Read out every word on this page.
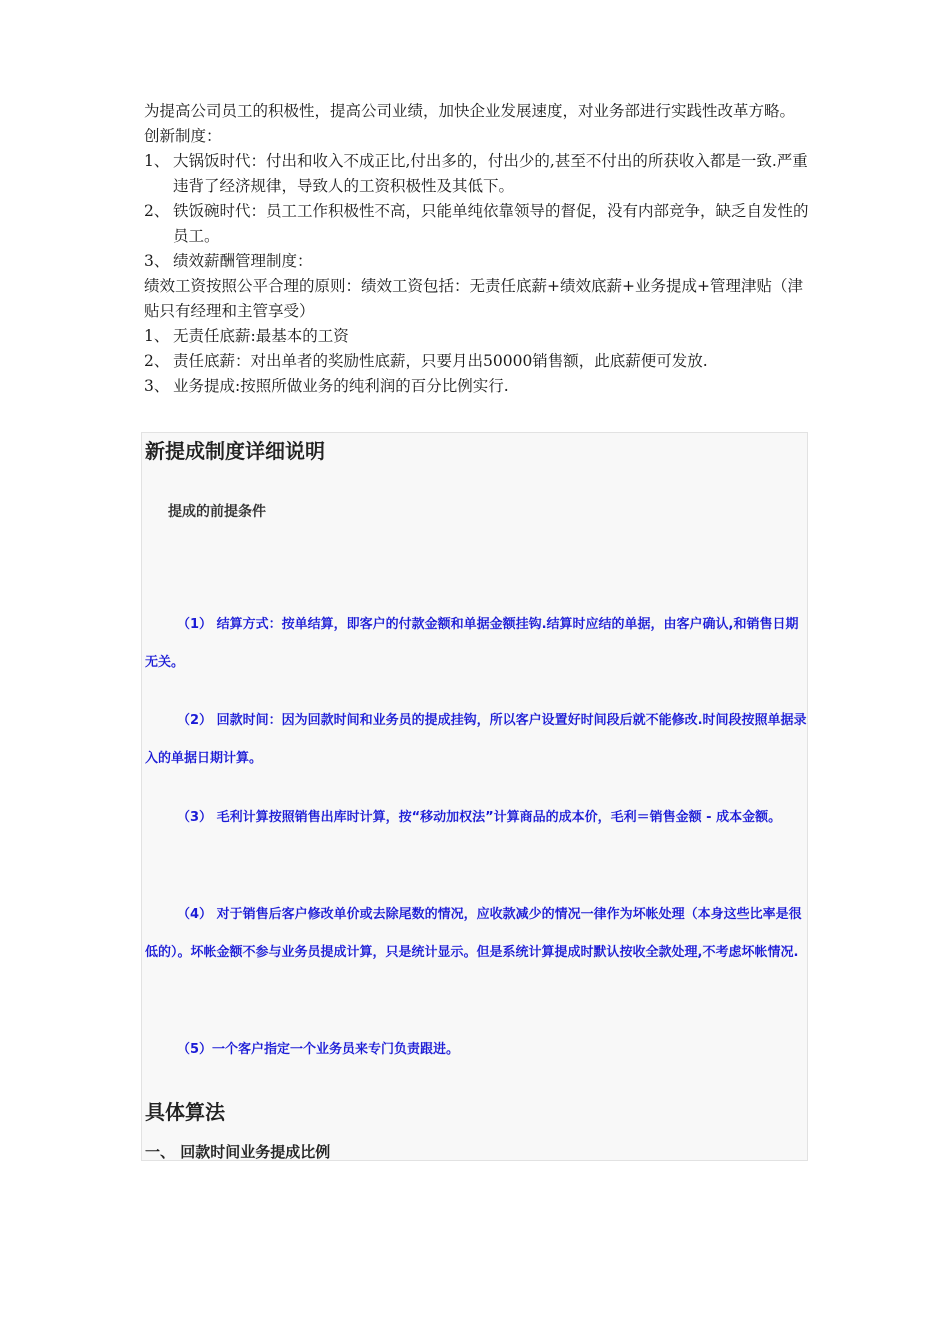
为提高公司员工的积极性，提高公司业绩，加快企业发展速度，对业务部进行实践性改革方略。

创新制度：

1、 大锅饭时代：付出和收入不成正比,付出多的，付出少的,甚至不付出的所获收入都是一致.严重违背了经济规律，导致人的工资积极性及其低下。
2、 铁饭碗时代：员工工作积极性不高，只能单纯依靠领导的督促，没有内部竞争，缺乏自发性的员工。
3、 绩效薪酬管理制度：

绩效工资按照公平合理的原则：绩效工资包括：无责任底薪+绩效底薪+业务提成+管理津贴（津贴只有经理和主管享受）

1、 无责任底薪:最基本的工资
2、 责任底薪：对出单者的奖励性底薪，只要月出50000销售额，此底薪便可发放.
3、 业务提成:按照所做业务的纯利润的百分比例实行.
新提成制度详细说明
提成的前提条件

（1） 结算方式：按单结算，即客户的付款金额和单据金额挂钩.结算时应结的单据，由客户确认,和销售日期无关。

（2） 回款时间：因为回款时间和业务员的提成挂钩，所以客户设置好时间段后就不能修改.时间段按照单据录入的单据日期计算。

（3） 毛利计算按照销售出库时计算，按“移动加权法”计算商品的成本价，毛利＝销售金额 - 成本金额。

（4） 对于销售后客户修改单价或去除尾数的情况，应收款减少的情况一律作为坏帐处理（本身这些比率是很低的）。坏帐金额不参与业务员提成计算，只是统计显示。但是系统计算提成时默认按收全款处理,不考虑坏帐情况.

（5）一个客户指定一个业务员来专门负责跟进。

具体算法
一、 回款时间业务提成比例
